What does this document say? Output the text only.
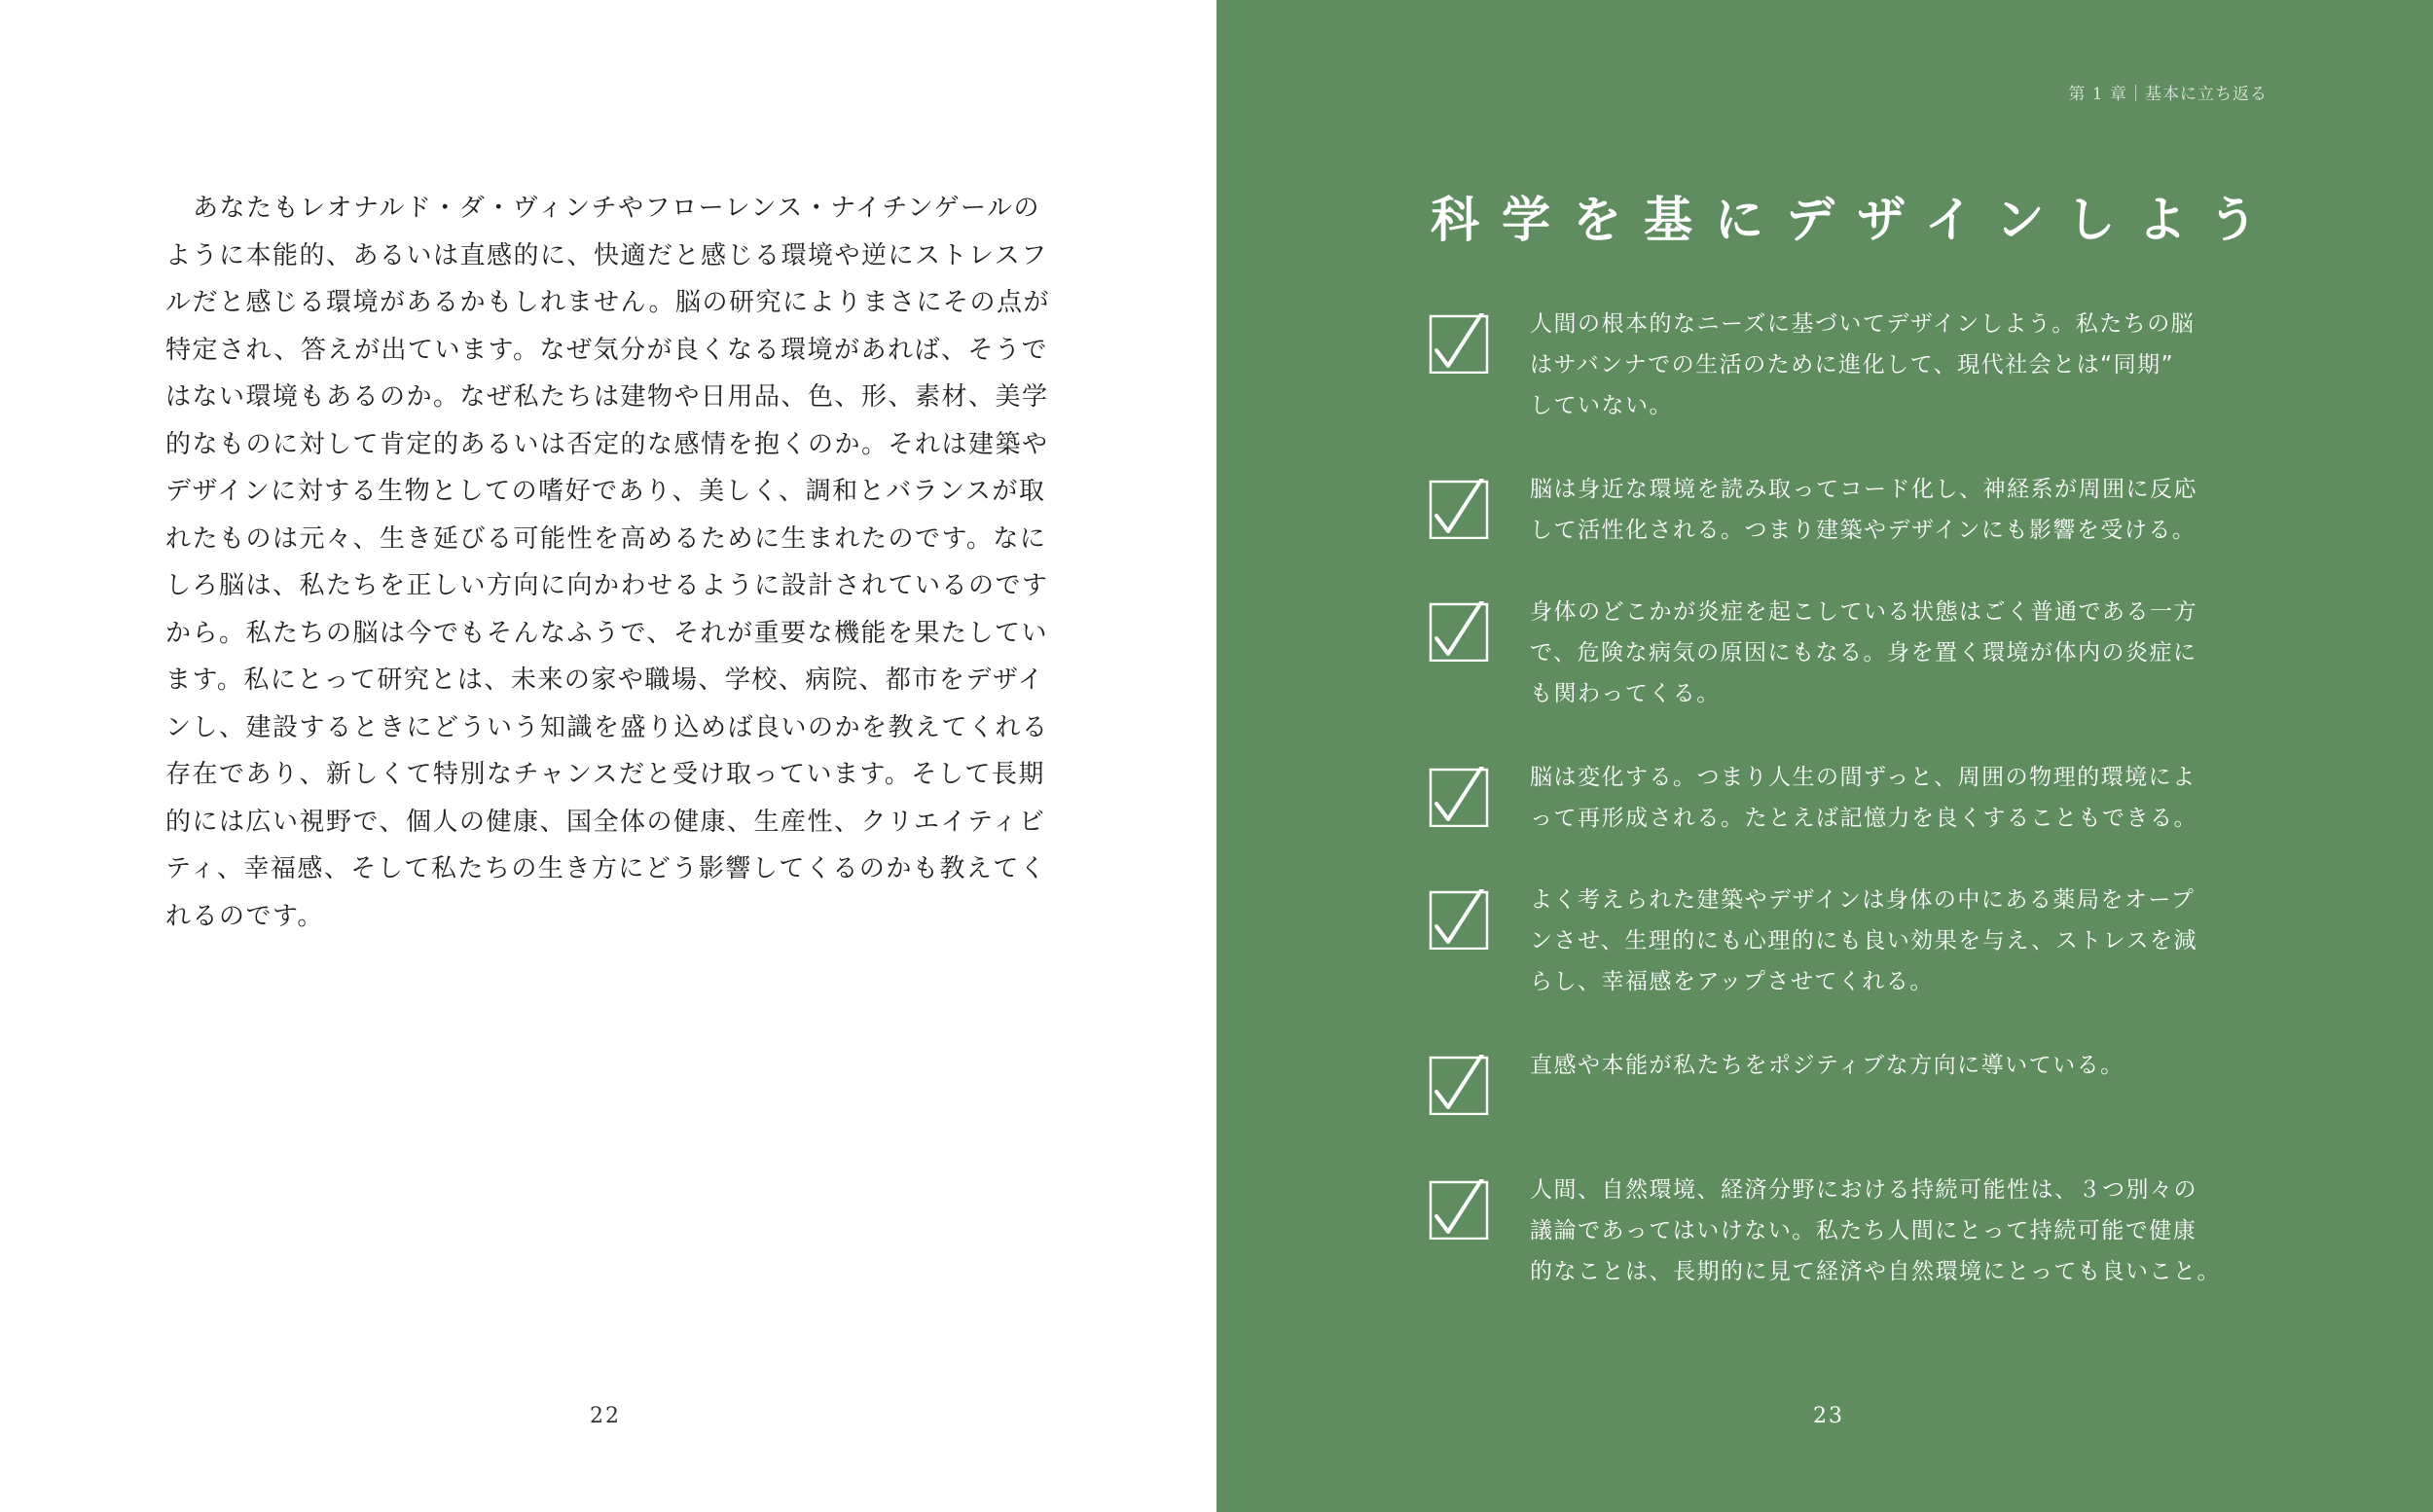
あなたもレオナルド・ダ・ヴィンチやフローレンス・ナイチンゲールの
ように本能的、あるいは直感的に、快適だと感じる環境や逆にストレスフ
ルだと感じる環境があるかもしれません。脳の研究によりまさにその点が
特定され、答えが出ています。なぜ気分が良くなる環境があれば、そうで
はない環境もあるのか。なぜ私たちは建物や日用品、色、形、素材、美学
的なものに対して肯定的あるいは否定的な感情を抱くのか。それは建築や
デザインに対する生物としての嗜好であり、美しく、調和とバランスが取
れたものは元々、生き延びる可能性を高めるために生まれたのです。なに
しろ脳は、私たちを正しい方向に向かわせるように設計されているのです
から。私たちの脳は今でもそんなふうで、それが重要な機能を果たしてい
ます。私にとって研究とは、未来の家や職場、学校、病院、都市をデザイ
ンし、建設するときにどういう知識を盛り込めば良いのかを教えてくれる
存在であり、新しくて特別なチャンスだと受け取っています。そして長期
的には広い視野で、個人の健康、国全体の健康、生産性、クリエイティビ
ティ、幸福感、そして私たちの生き方にどう影響してくるのかも教えてく
れるのです。
22
第 1 章｜基本に立ち返る
科学を基にデザインしよう
人間の根本的なニーズに基づいてデザインしよう。私たちの脳
はサバンナでの生活のために進化して、現代社会とは“同期”
していない。
脳は身近な環境を読み取ってコード化し、神経系が周囲に反応
して活性化される。つまり建築やデザインにも影響を受ける。
身体のどこかが炎症を起こしている状態はごく普通である一方
で、危険な病気の原因にもなる。身を置く環境が体内の炎症に
も関わってくる。
脳は変化する。つまり人生の間ずっと、周囲の物理的環境によ
って再形成される。たとえば記憶力を良くすることもできる。
よく考えられた建築やデザインは身体の中にある薬局をオープ
ンさせ、生理的にも心理的にも良い効果を与え、ストレスを減
らし、幸福感をアップさせてくれる。
直感や本能が私たちをポジティブな方向に導いている。
人間、自然環境、経済分野における持続可能性は、３つ別々の
議論であってはいけない。私たち人間にとって持続可能で健康
的なことは、長期的に見て経済や自然環境にとっても良いこと。
23
